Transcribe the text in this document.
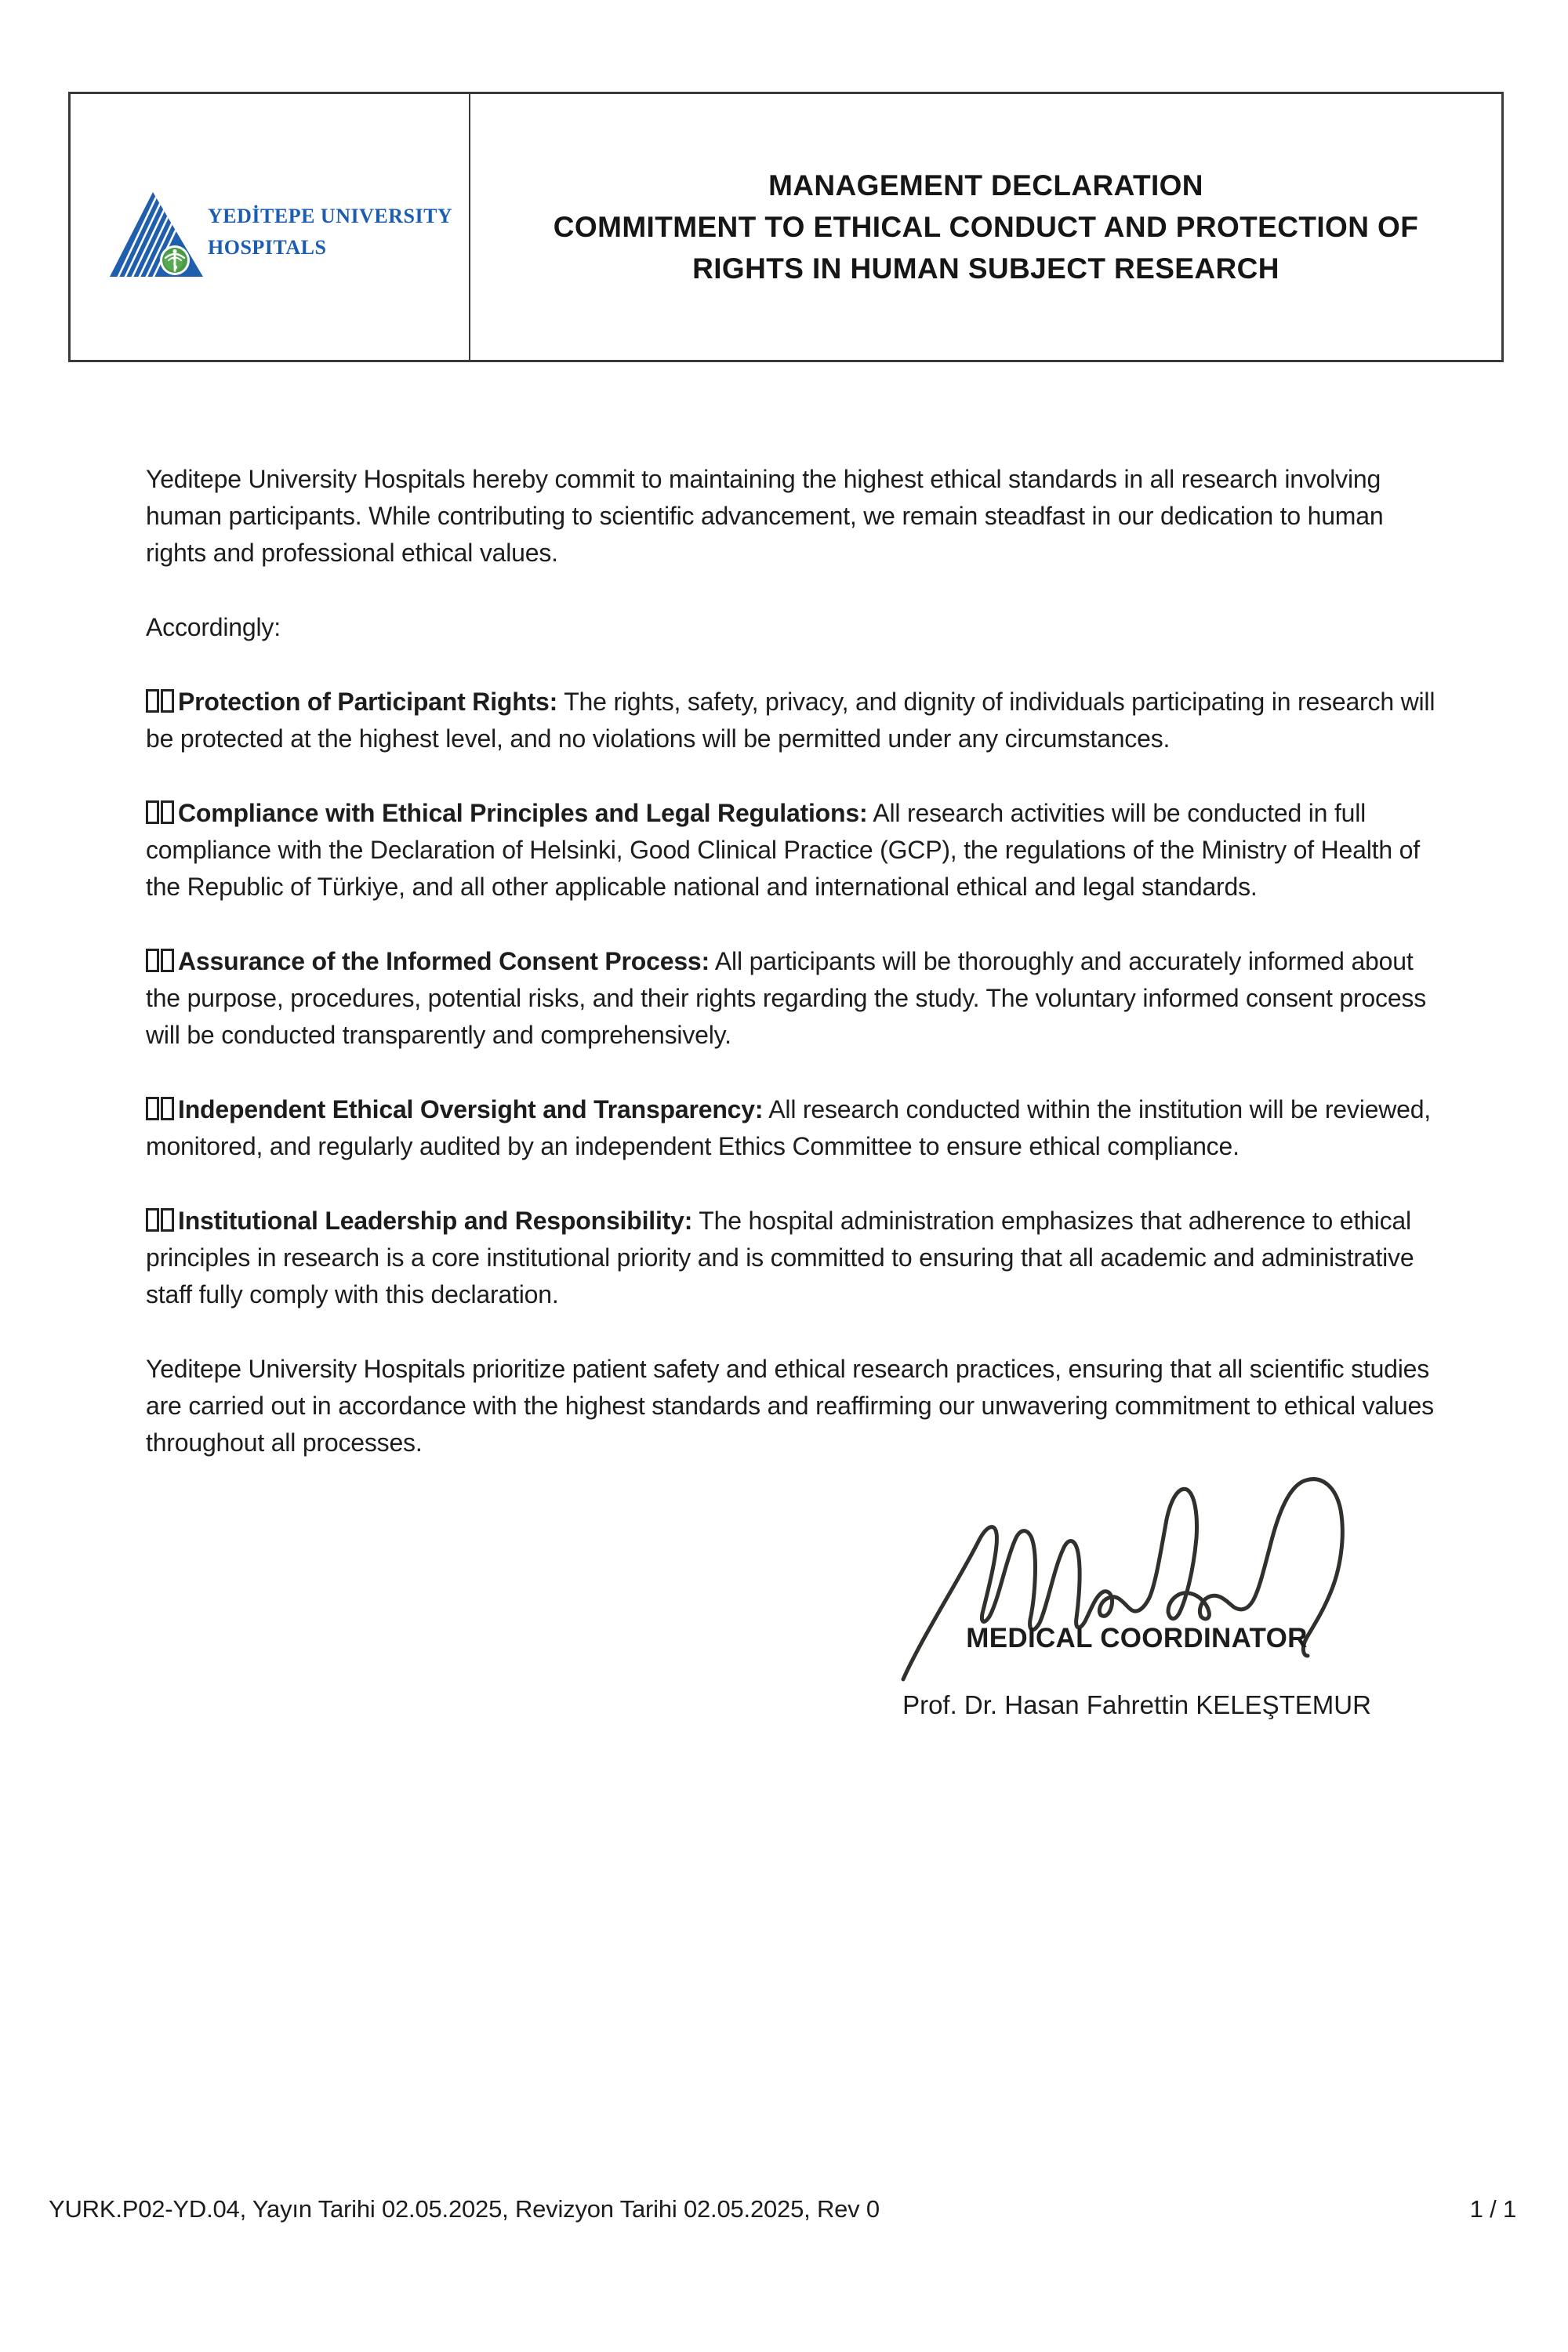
YEDİTEPE UNIVERSITY
HOSPITALS
MANAGEMENT DECLARATION
COMMITMENT TO ETHICAL CONDUCT AND PROTECTION OF
RIGHTS IN HUMAN SUBJECT RESEARCH

Yeditepe University Hospitals hereby commit to maintaining the highest ethical standards in all research involving human participants. While contributing to scientific advancement, we remain steadfast in our dedication to human rights and professional ethical values.

Accordingly:

Protection of Participant Rights: The rights, safety, privacy, and dignity of individuals participating in research will be protected at the highest level, and no violations will be permitted under any circumstances.

Compliance with Ethical Principles and Legal Regulations: All research activities will be conducted in full compliance with the Declaration of Helsinki, Good Clinical Practice (GCP), the regulations of the Ministry of Health of the Republic of Türkiye, and all other applicable national and international ethical and legal standards.

Assurance of the Informed Consent Process: All participants will be thoroughly and accurately informed about the purpose, procedures, potential risks, and their rights regarding the study. The voluntary informed consent process will be conducted transparently and comprehensively.

Independent Ethical Oversight and Transparency: All research conducted within the institution will be reviewed, monitored, and regularly audited by an independent Ethics Committee to ensure ethical compliance.

Institutional Leadership and Responsibility: The hospital administration emphasizes that adherence to ethical principles in research is a core institutional priority and is committed to ensuring that all academic and administrative staff fully comply with this declaration.

Yeditepe University Hospitals prioritize patient safety and ethical research practices, ensuring that all scientific studies are carried out in accordance with the highest standards and reaffirming our unwavering commitment to ethical values throughout all processes.

MEDICAL COORDINATOR
Prof. Dr. Hasan Fahrettin KELEŞTEMUR
YURK.P02-YD.04, Yayın Tarihi 02.05.2025, Revizyon Tarihi 02.05.2025, Rev 0	1 / 1
